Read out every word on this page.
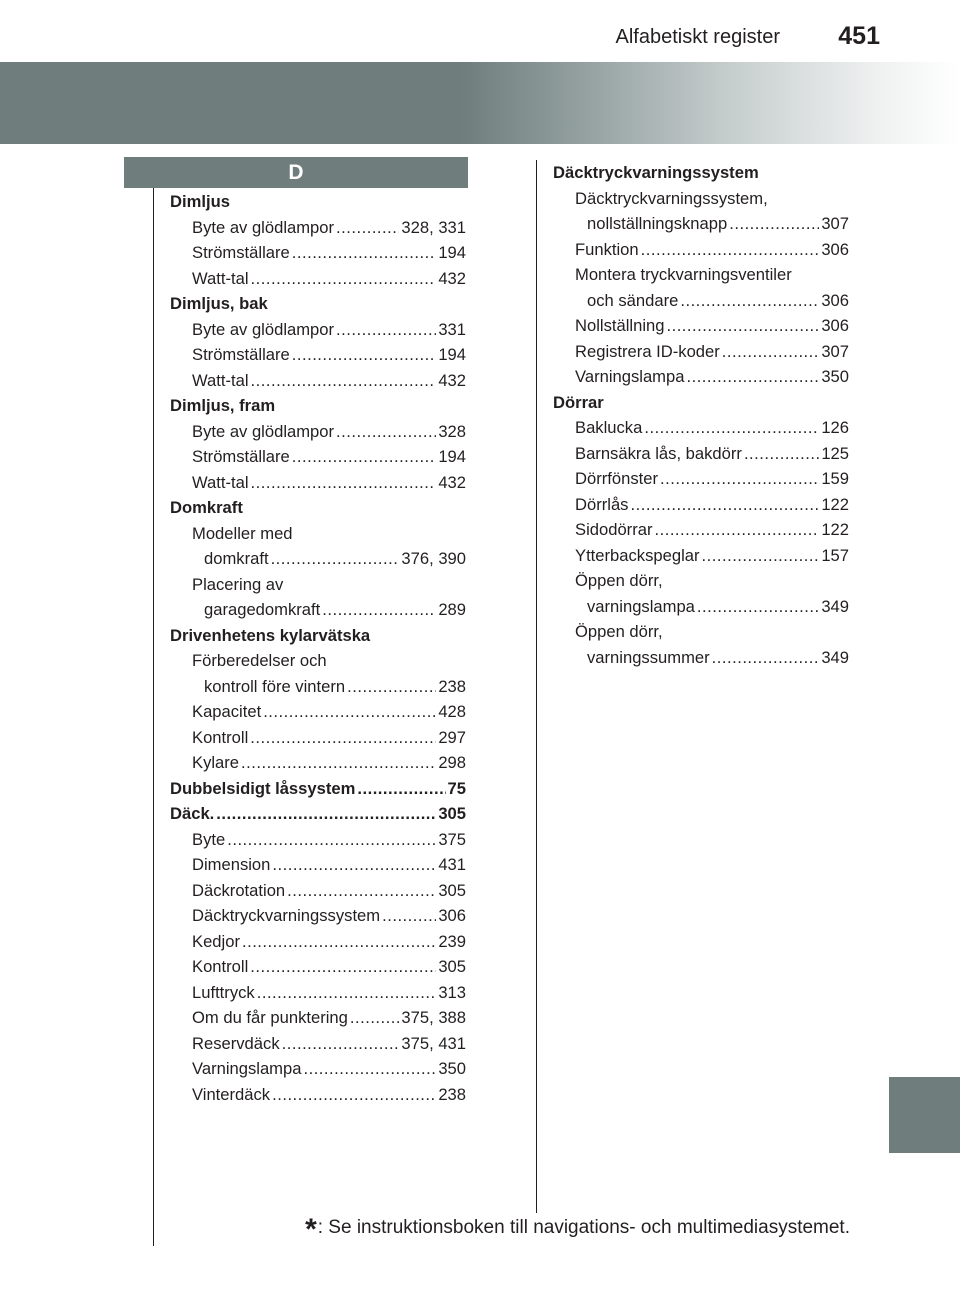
Alfabetiskt register 451
D
Dimljus
Byte av glödlampor .....	328, 331
Strömställare .....	194
Watt-tal .....	432
Dimljus, bak
Byte av glödlampor .....	331
Strömställare .....	194
Watt-tal .....	432
Dimljus, fram
Byte av glödlampor .....	328
Strömställare .....	194
Watt-tal .....	432
Domkraft
Modeller med
domkraft .....	376, 390
Placering av
garagedomkraft .....	289
Drivenhetens kylarvätska
Förberedelser och
kontroll före vintern .....	238
Kapacitet .....	428
Kontroll .....	297
Kylare .....	298
Dubbelsidigt låssystem .....	75
Däck. .....	305
Byte .....	375
Dimension .....	431
Däckrotation .....	305
Däcktryckvarningssystem .....	306
Kedjor .....	239
Kontroll .....	305
Lufttryck .....	313
Om du får punktering .....	375, 388
Reservdäck .....	375, 431
Varningslampa .....	350
Vinterdäck .....	238
Däcktryckvarningssystem
Däcktryckvarningssystem,
nollställningsknapp .....	307
Funktion .....	306
Montera tryckvarningsventiler
och sändare .....	306
Nollställning .....	306
Registrera ID-koder .....	307
Varningslampa .....	350
Dörrar
Baklucka .....	126
Barnsäkra lås, bakdörr .....	125
Dörrfönster .....	159
Dörrlås .....	122
Sidodörrar .....	122
Ytterbackspeglar .....	157
Öppen dörr,
varningslampa .....	349
Öppen dörr,
varningssummer .....	349
*: Se instruktionsboken till navigations- och multimediasystemet.
